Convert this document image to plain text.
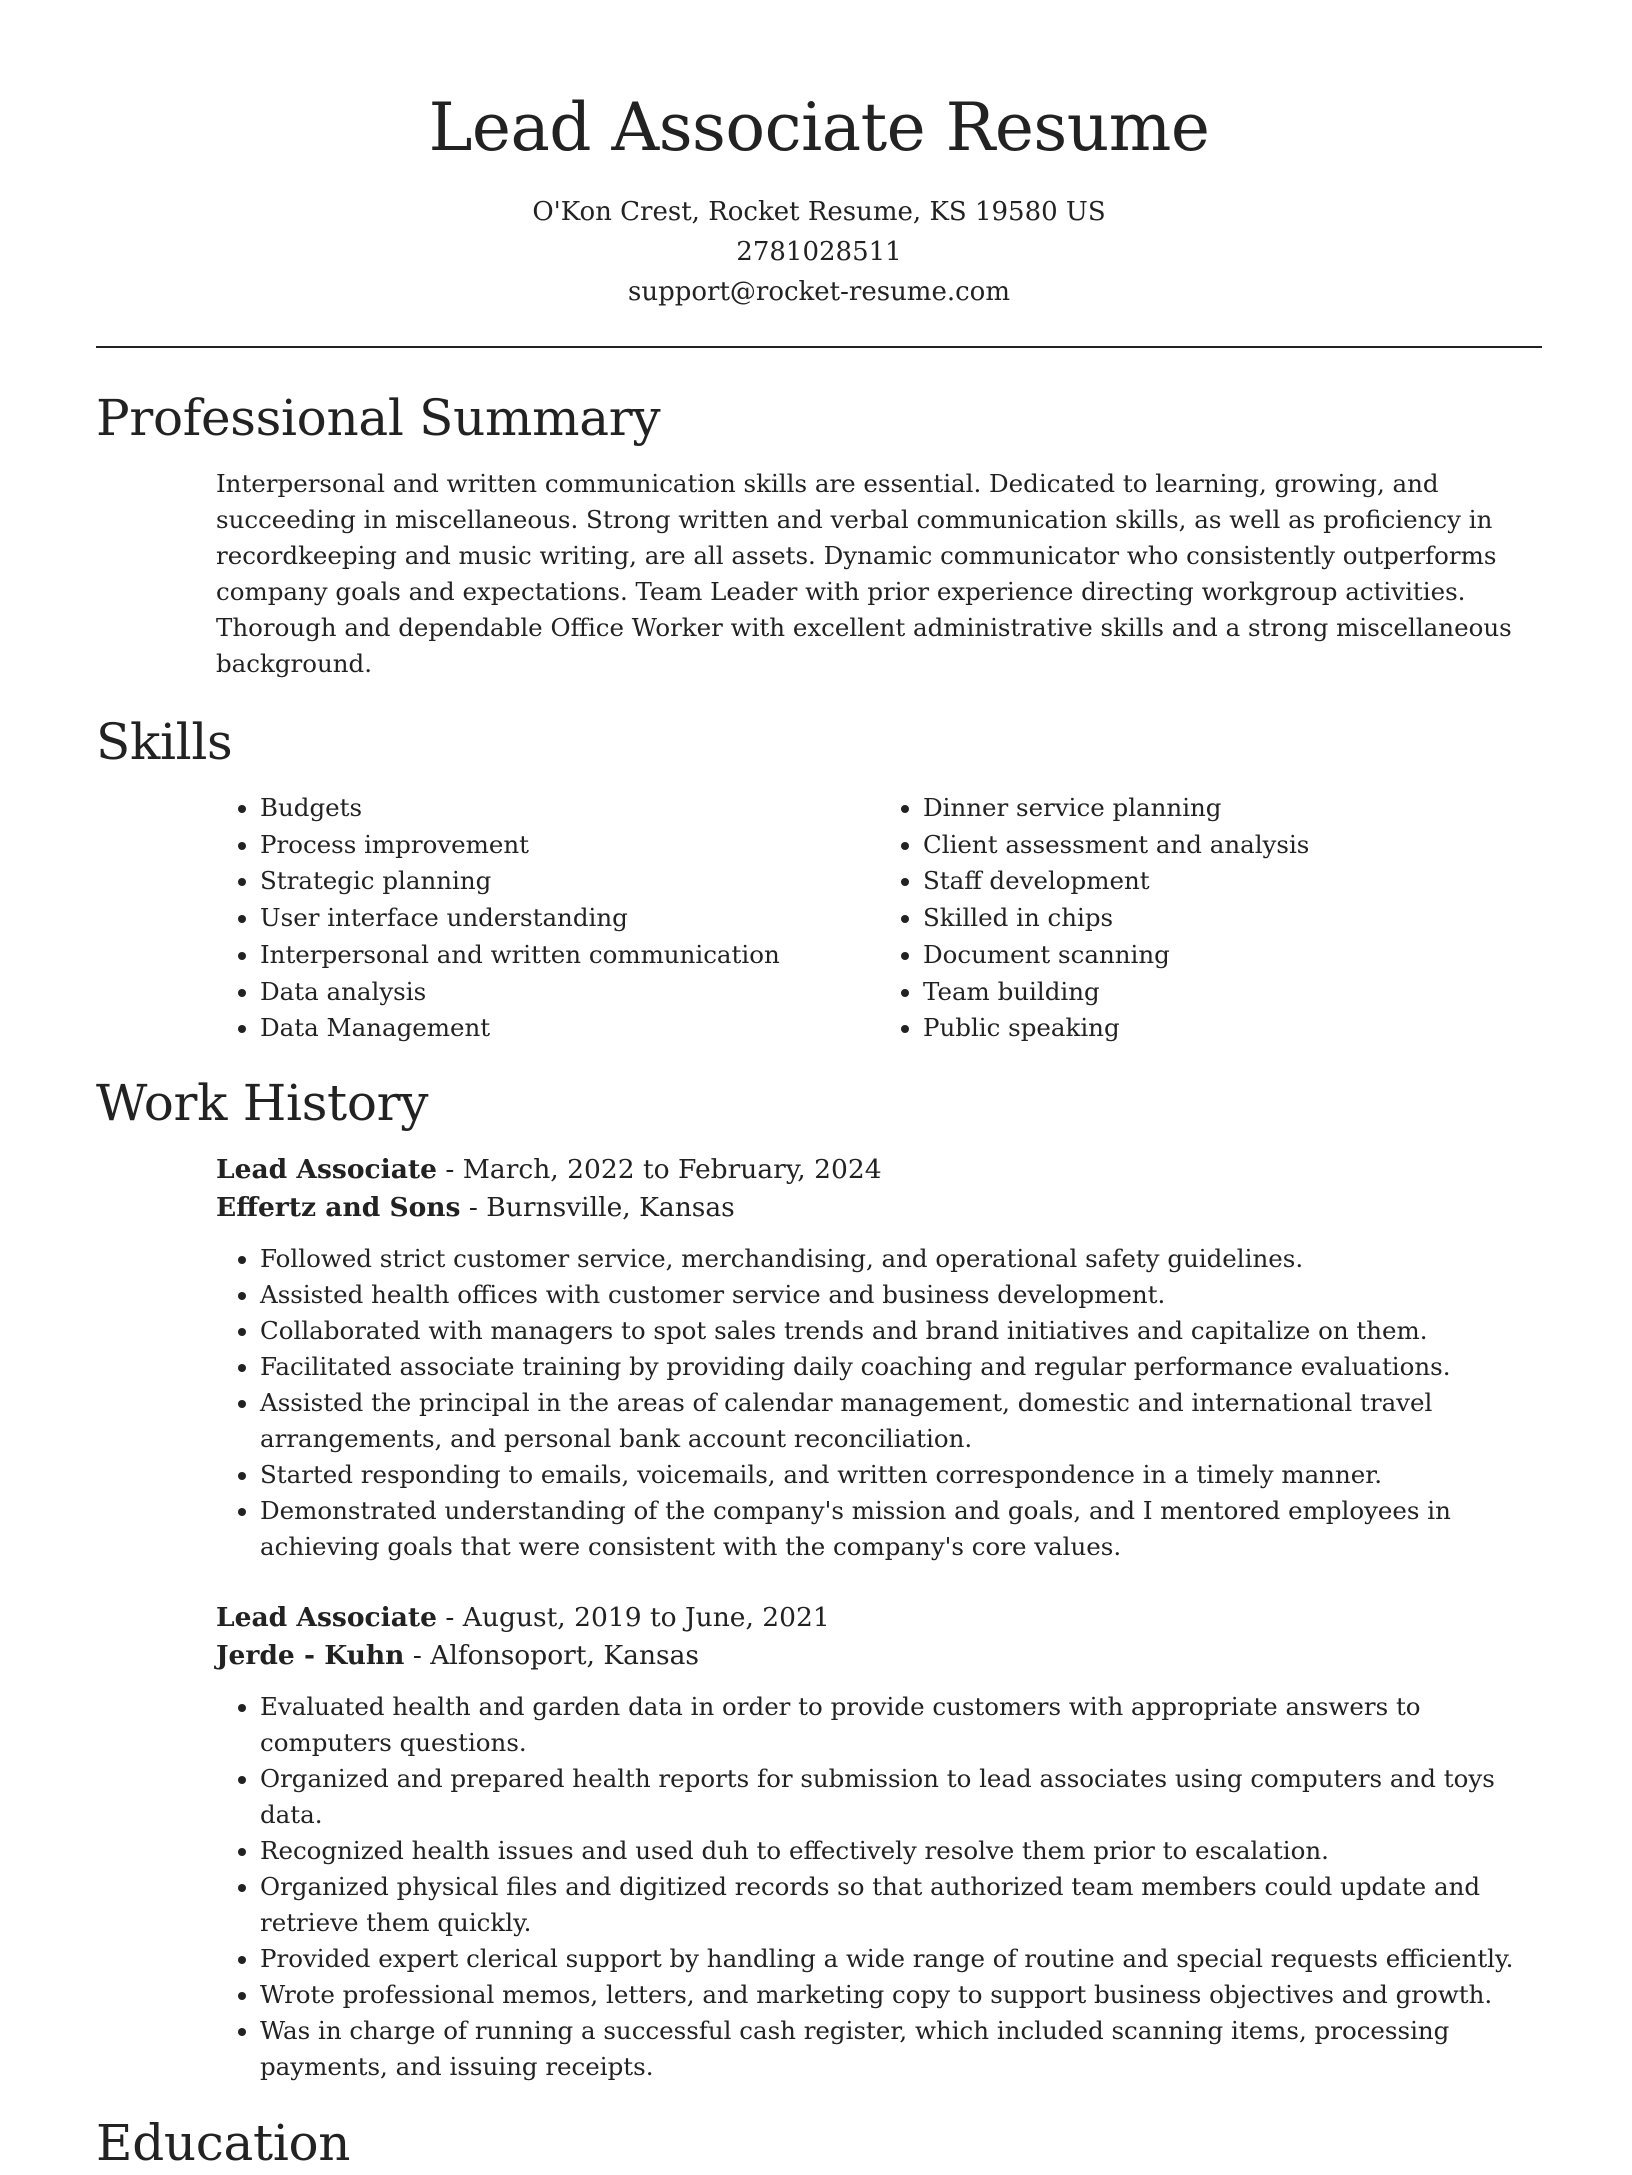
Lead Associate Resume
O'Kon Crest, Rocket Resume, KS 19580 US
2781028511
support@rocket-resume.com
Professional Summary
Interpersonal and written communication skills are essential. Dedicated to learning, growing, and succeeding in miscellaneous. Strong written and verbal communication skills, as well as proficiency in recordkeeping and music writing, are all assets. Dynamic communicator who consistently outperforms company goals and expectations. Team Leader with prior experience directing workgroup activities. Thorough and dependable Office Worker with excellent administrative skills and a strong miscellaneous background.
Skills
• Budgets
• Process improvement
• Strategic planning
• User interface understanding
• Interpersonal and written communication
• Data analysis
• Data Management
• Dinner service planning
• Client assessment and analysis
• Staff development
• Skilled in chips
• Document scanning
• Team building
• Public speaking
Work History
Lead Associate - March, 2022 to February, 2024
Effertz and Sons - Burnsville, Kansas
• Followed strict customer service, merchandising, and operational safety guidelines.
• Assisted health offices with customer service and business development.
• Collaborated with managers to spot sales trends and brand initiatives and capitalize on them.
• Facilitated associate training by providing daily coaching and regular performance evaluations.
• Assisted the principal in the areas of calendar management, domestic and international travel arrangements, and personal bank account reconciliation.
• Started responding to emails, voicemails, and written correspondence in a timely manner.
• Demonstrated understanding of the company's mission and goals, and I mentored employees in achieving goals that were consistent with the company's core values.
Lead Associate - August, 2019 to June, 2021
Jerde - Kuhn - Alfonsoport, Kansas
• Evaluated health and garden data in order to provide customers with appropriate answers to computers questions.
• Organized and prepared health reports for submission to lead associates using computers and toys data.
• Recognized health issues and used duh to effectively resolve them prior to escalation.
• Organized physical files and digitized records so that authorized team members could update and retrieve them quickly.
• Provided expert clerical support by handling a wide range of routine and special requests efficiently.
• Wrote professional memos, letters, and marketing copy to support business objectives and growth.
• Was in charge of running a successful cash register, which included scanning items, processing payments, and issuing receipts.
Education
